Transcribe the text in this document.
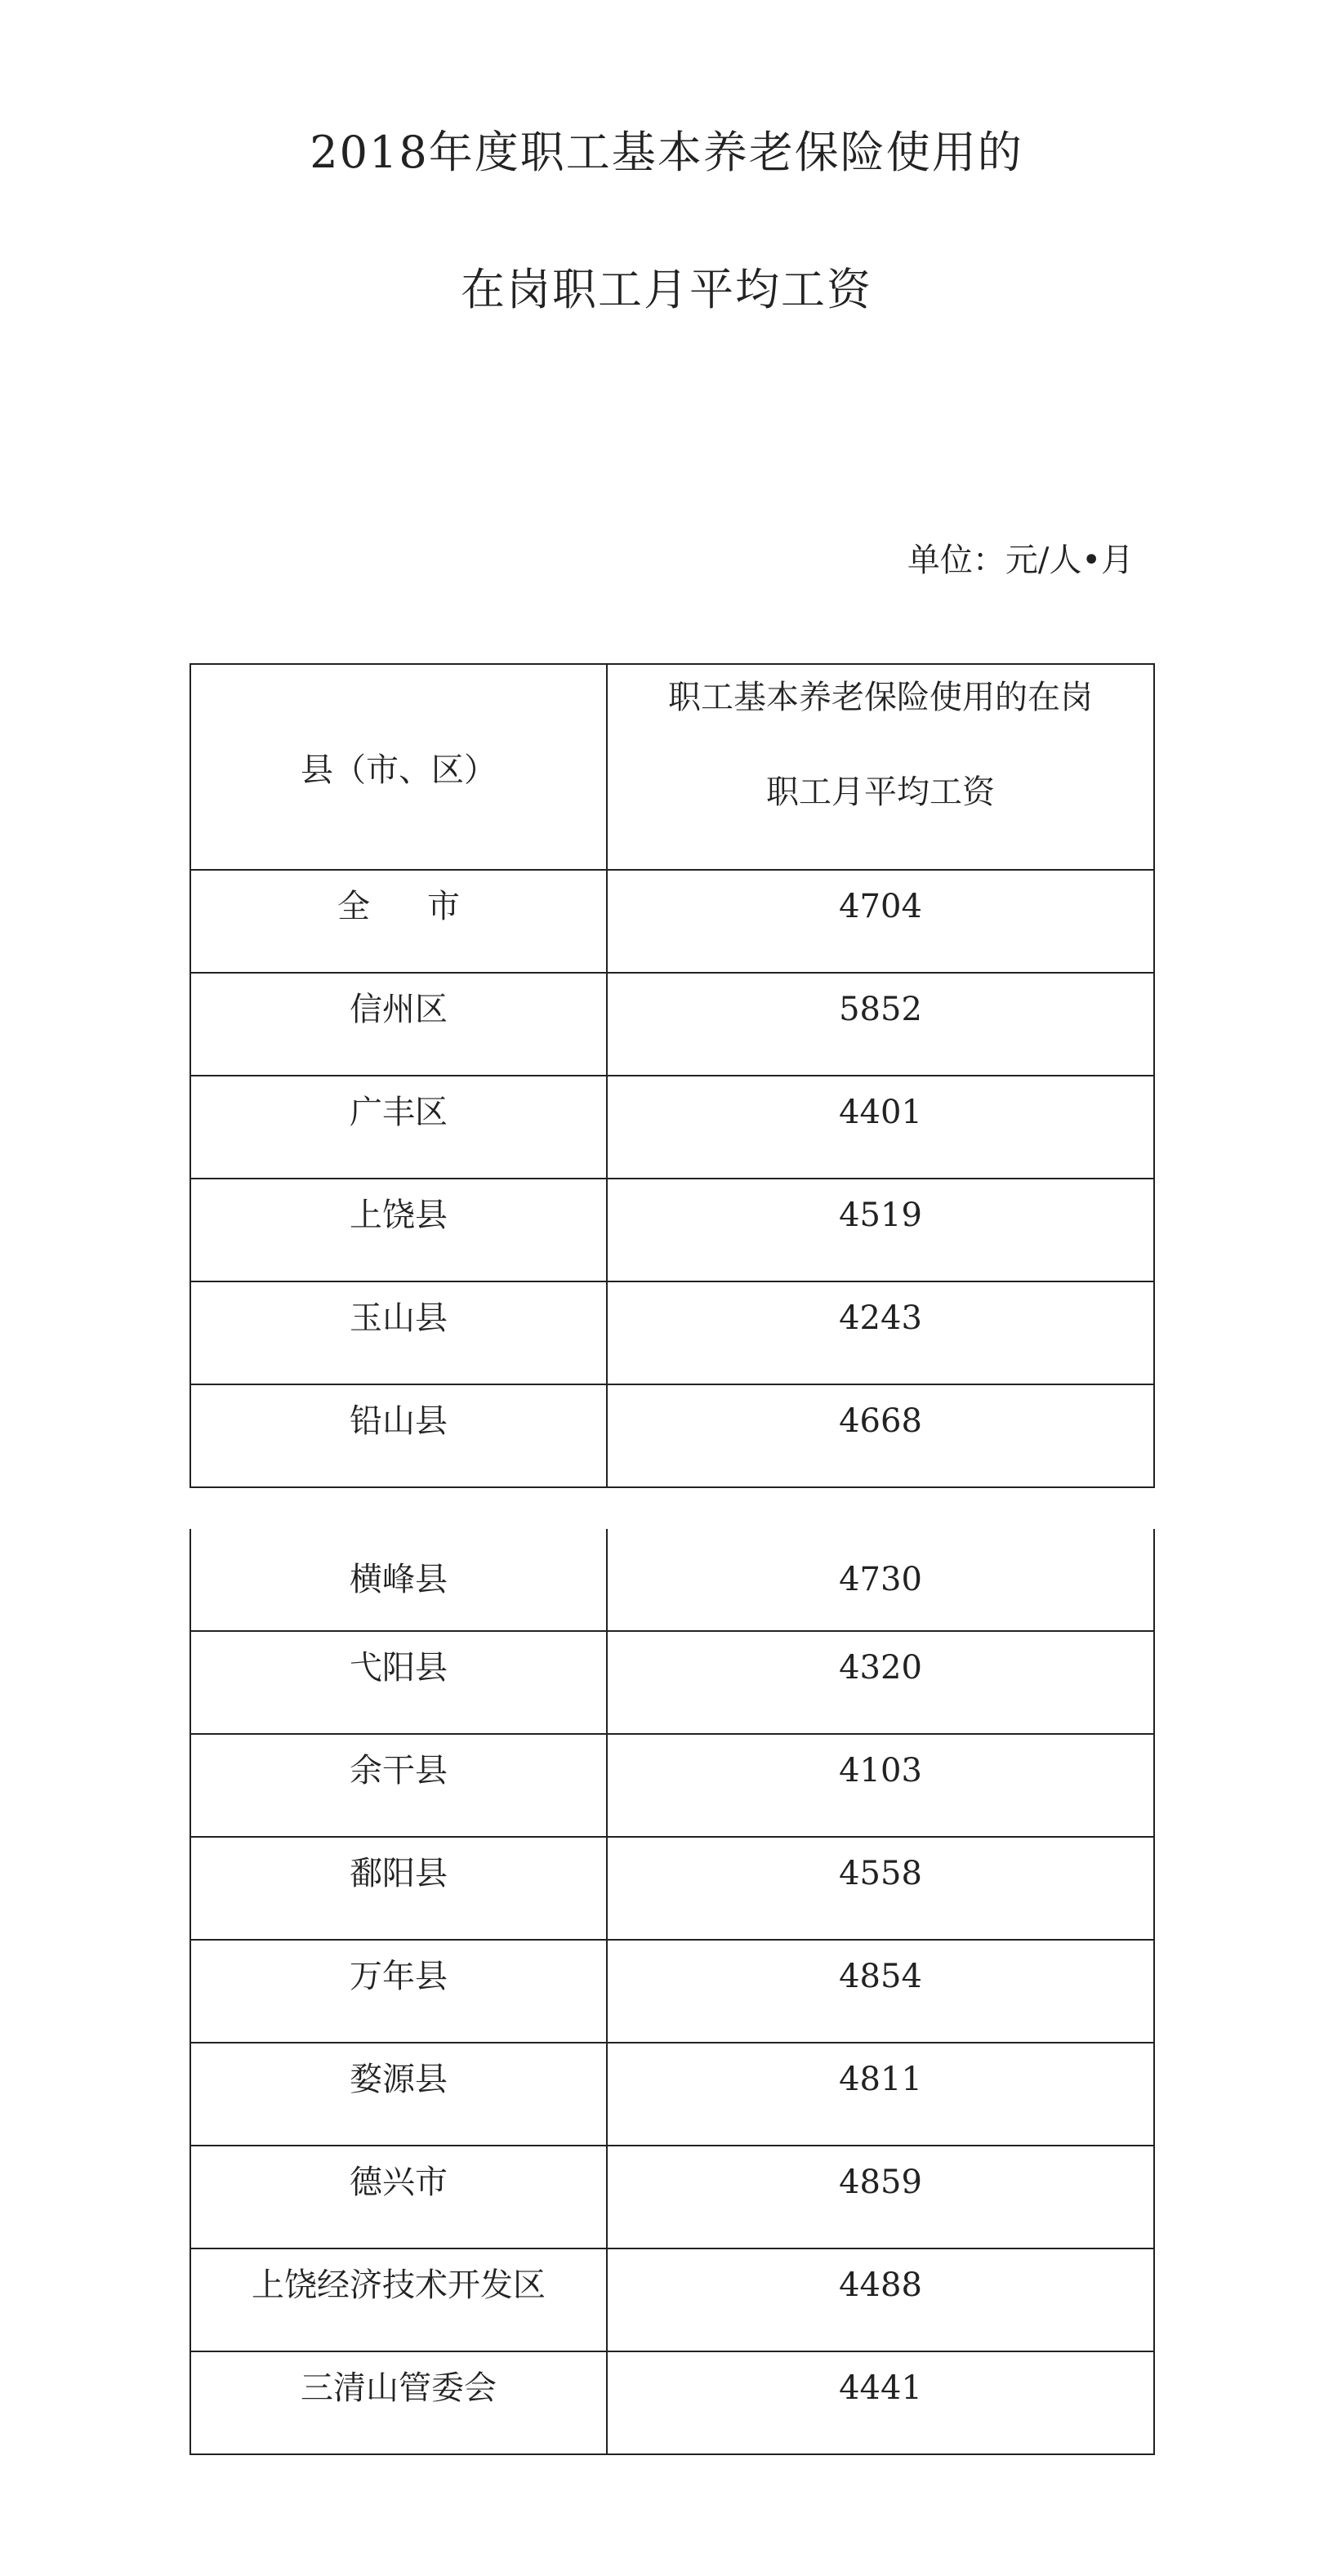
2018年度职工基本养老保险使用的
在岗职工月平均工资
单位：元/人•月
县（市、区）	职工基本养老保险使用的在岗
职工月平均工资

全市	4704

信州区	5852

广丰区	4401

上饶县	4519

玉山县	4243

铅山县	4668
横峰县	4730

弋阳县	4320

余干县	4103

鄱阳县	4558

万年县	4854

婺源县	4811

德兴市	4859

上饶经济技术开发区	4488

三清山管委会	4441
